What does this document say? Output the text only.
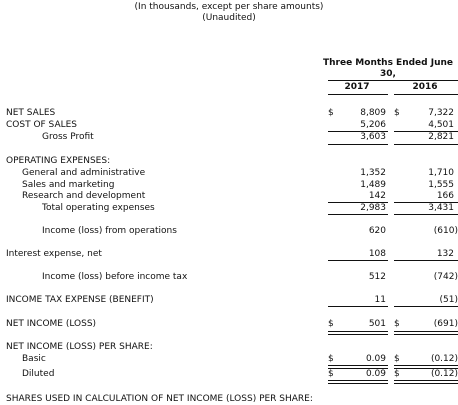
(In thousands, except per share amounts)
(Unaudited)
Three Months Ended June 30,
2017	2016
NET SALES	$	8,809 $	7,322
COST OF SALES	5,206	4,501
Gross Profit	3,603	2,821
OPERATING EXPENSES:
General and administrative	1,352	1,710
Sales and marketing	1,489	1,555
Research and development	142	166
Total operating expenses	2,983	3,431
Income (loss) from operations	620	(610)
Interest expense, net	108	132
Income (loss) before income tax	512	(742)
INCOME TAX EXPENSE (BENEFIT)	11	(51)
NET INCOME (LOSS)	$	501 $	(691)
NET INCOME (LOSS) PER SHARE:
Basic	$	0.09 $	(0.12)
Diluted	$	0.09 $	(0.12)
SHARES USED IN CALCULATION OF NET INCOME (LOSS) PER SHARE:
